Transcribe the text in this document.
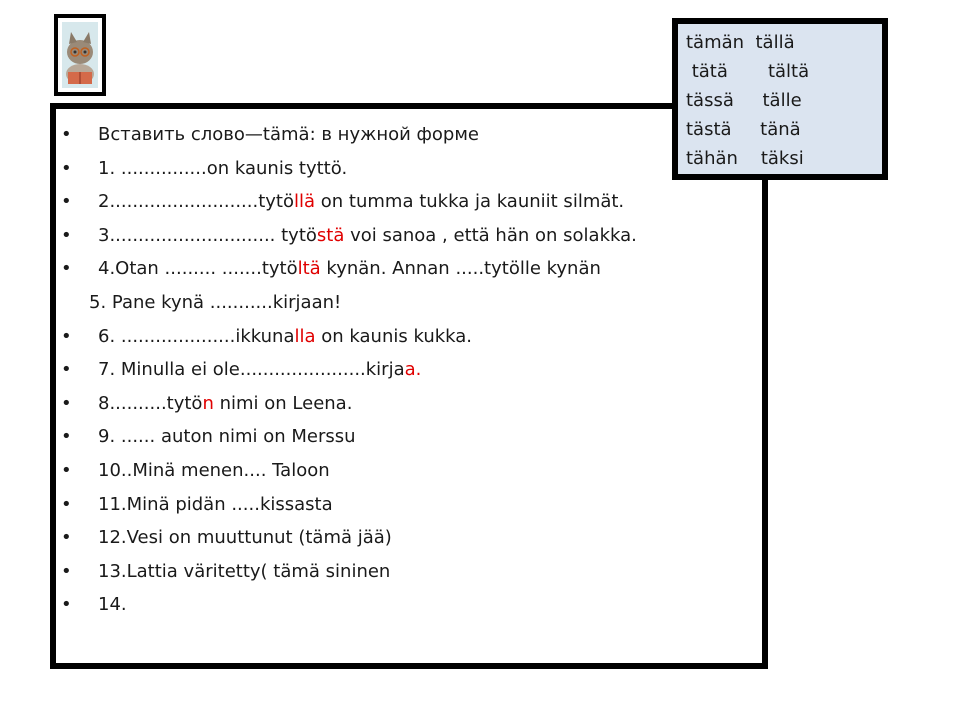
• Вставить слово—tämä: в нужной форме
• 1. ...............on kaunis tyttö.
• 2..........................tytöllä on tumma tukka ja kauniit silmät.
• 3............................. tytöstä voi sanoa , että hän on solakka.
• 4.Otan ......... .......tytöltä kynän. Annan .....tytölle kynän
5. Pane kynä ...........kirjaan!
• 6. ....................ikkunalla on kaunis kukka.
• 7. Minulla ei ole......................kirjaa.
• 8..........tytön nimi on Leena.
• 9. ...... auton nimi on Merssu
• 10..Minä menen.... Taloon
• 11.Minä pidän .....kissasta
• 12.Vesi on muuttunut (tämä jää)
• 13.Lattia väritetty( tämä sininen
• 14.
tämän  tällä
tätä       tältä
tässä     tälle
tästä     tänä
tähän    täksi
